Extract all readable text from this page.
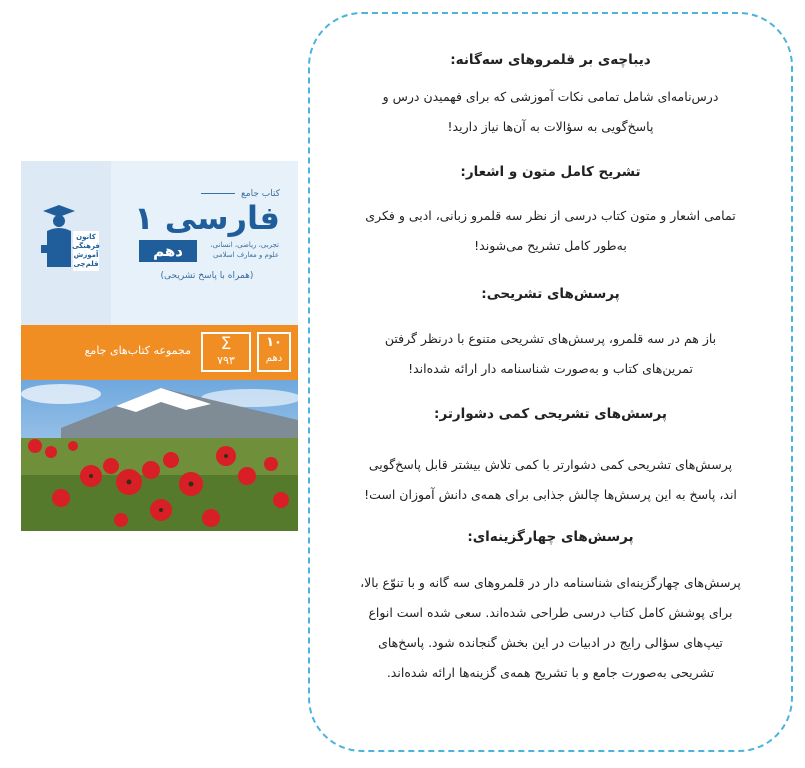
کانون
فرهنگی
آموزش
قلم‌چی
کتاب جامع
فارسی ۱
دهم	تجربی، ریاضی، انسانی،
علوم و معارف اسلامی
(همراه با پاسخ تشریحی)
۱۰
دهم
Σ
۷۹۳
مجموعه کتاب‌های جامع
دیباچه‌ی بر قلمروهای سه‌گانه:
درس‌نامه‌ای شامل تمامی نکات آموزشی که برای فهمیدن درس و
پاسخ‌گویی به سؤالات به آن‌ها نیاز دارید!
تشریح کامل متون و اشعار:
تمامی اشعار و متون کتاب درسی از نظر سه قلمرو زبانی، ادبی و فکری
به‌طور کامل تشریح می‌شوند!
پرسش‌های تشریحی:
باز هم در سه قلمرو، پرسش‌های تشریحی متنوع با درنظر گرفتن
تمرین‌های کتاب و به‌صورت شناسنامه دار ارائه شده‌اند!
پرسش‌های تشریحی کمی دشوارتر:
پرسش‌های تشریحی کمی دشوارتر با کمی تلاش بیشتر قابل پاسخ‌گویی
اند، پاسخ به این پرسش‌ها چالش جذابی برای همه‌ی دانش آموزان است!
پرسش‌های چهارگزینه‌ای:
پرسش‌های چهارگزینه‌ای شناسنامه دار در قلمروهای سه گانه و با تنوّع بالا،
برای پوشش کامل کتاب درسی طراحی شده‌اند. سعی شده است انواع
تیپ‌های سؤالی رایج در ادبیات در این بخش گنجانده شود. پاسخ‌های
تشریحی به‌صورت جامع و با تشریح همه‌ی گزینه‌ها ارائه شده‌اند.
